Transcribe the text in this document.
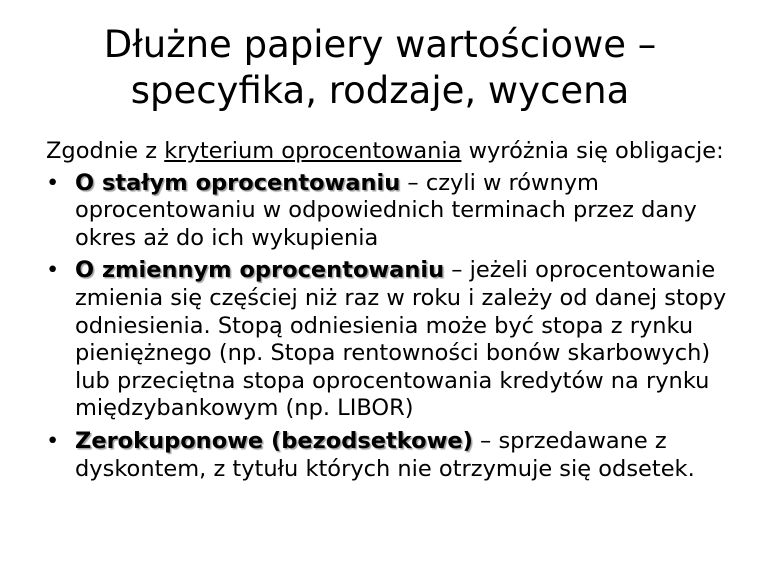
Dłużne papiery wartościowe –
specyfika, rodzaje, wycena

Zgodnie z kryterium oprocentowania wyróżnia się obligacje:

• O stałym oprocentowaniu – czyli w równym oprocentowaniu w odpowiednich terminach przez dany okres aż do ich wykupienia
• O zmiennym oprocentowaniu – jeżeli oprocentowanie zmienia się częściej niż raz w roku i zależy od danej stopy odniesienia. Stopą odniesienia może być stopa z rynku pieniężnego (np. Stopa rentowności bonów skarbowych) lub przeciętna stopa oprocentowania kredytów na rynku międzybankowym (np. LIBOR)
• Zerokuponowe (bezodsetkowe) – sprzedawane z dyskontem, z tytułu których nie otrzymuje się odsetek.
